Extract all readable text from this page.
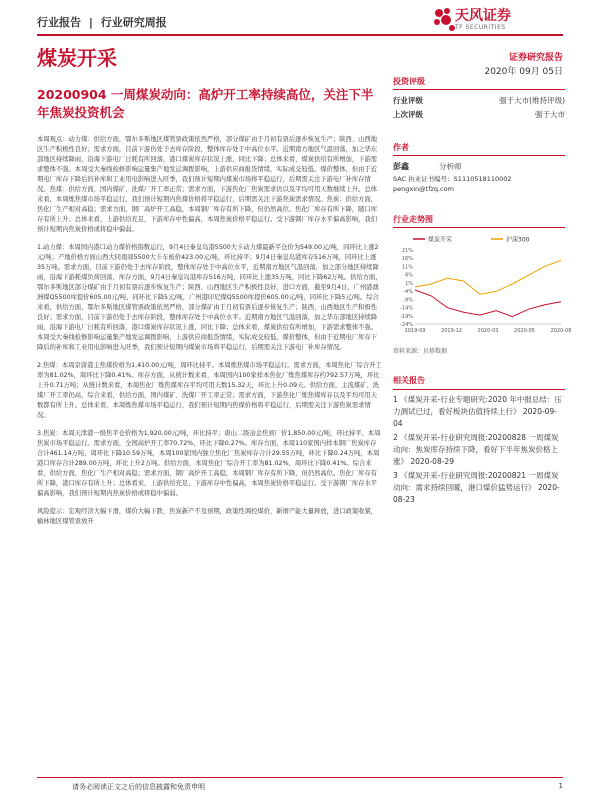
行业报告 | 行业研究周报	天风证券
TF SECURITIES
煤炭开采	证券研究报告
2020年 09月 05日
20200904 一周煤炭动向：高炉开工率持续高位，关注下半年焦炭投资机会

本周观点：动力煤：供给方面，鄂尔多斯地区煤管票政策依然严格，部分煤矿由于月初有票后逐步恢复生产；陕西、山西地区生产积极性良好；需求方面，目前下游仍处于去库存阶段，整体库存处于中高位水平。近期南方地区气温回落，加之华东部地区持续降雨，沿海下游电厂日耗有所回落，港口煤炭库存状况上涨，同比下降；总体来看，煤炭供给有所增加，下游需求整体不强。本周受大秦线检修影响运量集产地发运调拨影响，上游供应商报货情绪，实际成交较低。煤价整体，但由于近期电厂库存下降后的补库和工业用电影响进入旺季，我们预计短期内煤炭市场将平稳运行，后期需关注下游电厂补库存情况。焦煤：供给方面，国内煤矿、洗煤厂开工率正常；需求方面，下游焦化厂焦炭需求仍以及平均可用天数继续上升。总体来看，本周炼焦煤市场平稳运行，我们预计短期内焦煤价格将平稳运行，后期需关注下游焦炭需求情况。焦炭：供给方面，焦化厂生产相对高稳；需求方面，钢厂高炉开工高稳，本周钢厂库存有所下降，但仍然高位。焦化厂库存有所下降，随口库存有所上升；总体来看，上游供给充足，下游库存中性偏高，本周焦炭价格平稳运行。受下游钢厂库存水平偏高影响，我们预计短期内焦炭价格或将稳中偏弱。

1.动力煤：本周国内港口动力煤价格指数运行，9月4日秦皇岛港5500大卡动力煤最新平仓价为549.00元/吨，同环比上涨2元/吨；产地价格方面山西大同南郊5500大卡车板价423.00元/吨，环比持平；9月4日秦皇岛港库存516万吨，同环比上涨35万吨。需求方面，目前下游仍处于去库存阶段，整体库存处于中高位水平，近期南方地区气温回落，加之部分地区持续降雨，沿海下游耗煤负荷回落，库存方面，9月4日秦皇岛港库存516万吨，同环比上涨35万吨，同比下降62万吨。供给方面，鄂尔多斯地区部分煤矿由于月初有票后逐步恢复生产；陕西、山西地区生产积极性良好，进口方面，截至9月4日，广州港澳洲煤Q5500库提价605.00元/吨，同环比下降5元/吨，广州港印尼煤Q5500库提价605.00元/吨，同环比下降5元/吨。综合来看，供给方面，鄂尔多斯地区煤管票政策依然严格，部分煤矿由于月初有票后逐步恢复生产；陕西、山西地区生产积极性良好；需求方面，目前下游仍处于去库存阶段，整体库存处于中高位水平。近期南方地区气温回落，加之华东部地区持续降雨，沿海下游电厂日耗有所回落，港口煤炭库存状况上涨，同比下降；总体来看，煤炭供给有所增加，下游需求整体不强。本周受大秦线检修影响运量集产地发运调拨影响，上游供应商报货情绪，实际成交较低。煤价整体，但由于近期电厂库存下降后的补库和工业用电影响进入旺季，我们预计短期内煤炭市场将平稳运行，后期需关注下游电厂补库存情况。

2.焦煤：本周京唐港主焦煤价格为1,410.00元/吨，周环比持平。本周炼焦煤市场平稳运行。需求方面，本周焦化厂综合开工率为81.02%，周环比下降0.41%。库存方面，从统计数来看，本周国内100家样本焦化厂炼焦煤库存约792.57万吨，环比上升0.71万吨；从统计数来看，本周焦化厂炼焦煤库存平均可用天数15.32天，环比上升0.09天。供给方面，主流煤矿、洗煤厂开工率仍高，综合来看，供给方面，国内煤矿、洗煤厂开工率正常；需求方面，下游焦化厂炼焦煤库存以及平均可用天数都有所上升。总体来看，本周炼焦煤市场平稳运行，我们预计短期内焦煤价格将平稳运行，后期需关注下游焦炭需求情况。

3.焦炭：本周天津港一级焦平仓价格为1,920.00元/吨，环比持平；唐山二级冶金焦到厂价1,850.00元/吨，环比持平。本周焦炭市场平稳运行。需求方面，全国高炉开工率70.72%，环比下降0.27%。库存方面，本周110家国内样本钢厂焦炭库存合计461.14万吨，周环比下降10.59万吨，本周100家国内独立焦化厂焦炭库存合计29.55万吨，环比下降0.24万吨，本周港口库存合计289.00万吨，环比上升2万吨。供给方面，本周焦化厂综合开工率为81.02%，周环比下降0.41%。综合来看，供给方面，焦化厂生产相对高稳；需求方面，钢厂高炉开工高稳，本周钢厂库存有所下降，但仍然高位。焦化厂库存有所下降，港口库存有所上升；总体看来，上游供给充足，下游库存中性偏高，本周焦炭价格平稳运行。受下游钢厂库存水平偏高影响，我们预计短期内焦炭价格或将稳中偏弱。

风险提示：宏观经济大幅下滑，煤价大幅下跌，焦炭新产不及预期，政策性调控煤价，新增产能大量释放，进口政策收紧，榆林地区煤管票放开

投资评级
行业评级	强于大市(维持评级)
上次评级	强于大市
作者
彭鑫	分析师
SAC 执业证书编号：S1110518110002
pengxin@tfzq.com
行业走势图
煤炭开采	沪深300
21%
16%
11%
6%
1%
-4%
-9%
-14%
-19%
-24%
2019-09	2019-12	2020-03	2020-05	2020-08
资料来源：贝格数据
相关报告
1 《煤炭开采-行业专题研究:2020 年中报总结：压力测试已过，看好板块估值持续上行》 2020-09-04
2 《煤炭开采-行业研究周报:20200828 一周煤炭动向：焦炭库存持续下降，看好下半年焦炭价格上涨》 2020-08-29
3 《煤炭开采-行业研究周报:20200821 一周煤炭动向：需求持续回暖，港口煤价猛势运行》 2020-08-23
请务必阅读正文之后的信息披露和免责申明	1
